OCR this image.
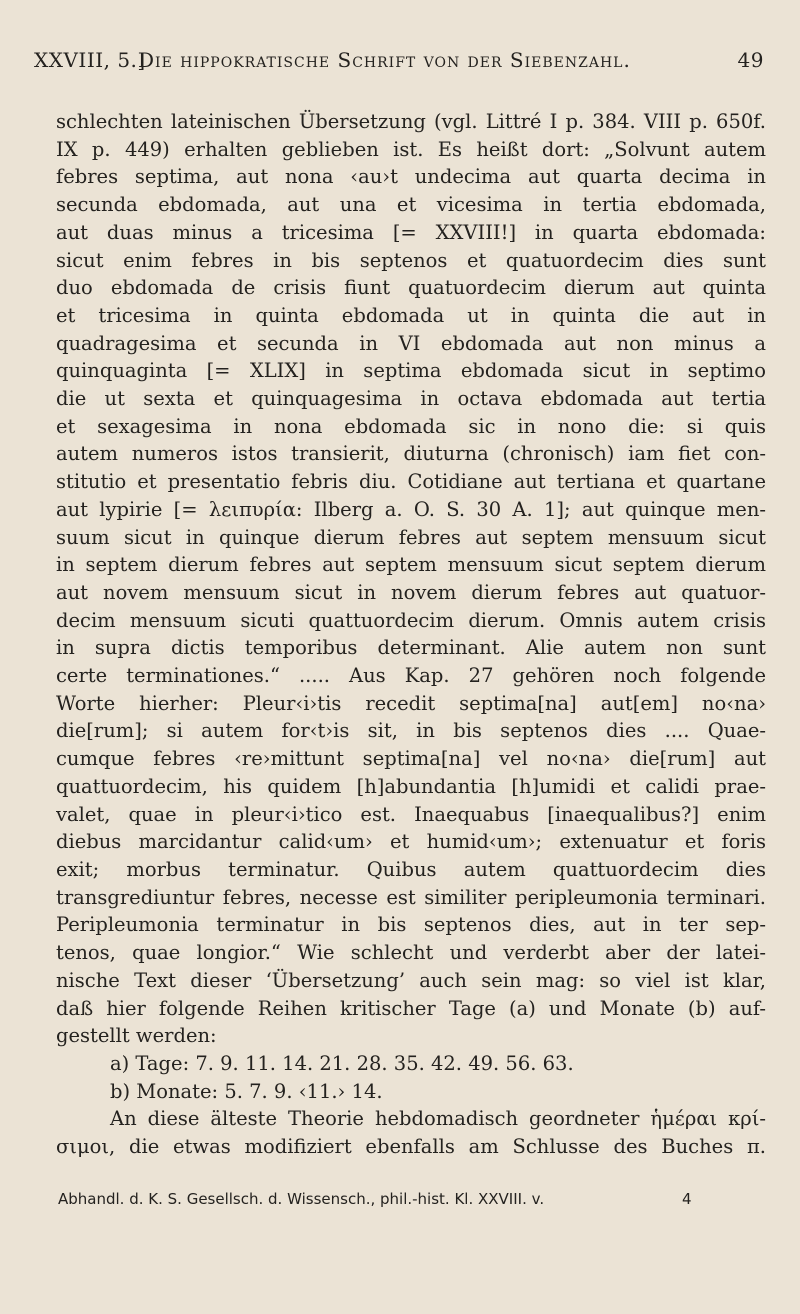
XXVIII, 5.]
Die hippokratische Schrift von der Siebenzahl.	49
schlechten lateinischen Übersetzung (vgl. Littré I p. 384. VIII p. 650f.
IX p. 449) erhalten geblieben ist. Es heißt dort: „Solvunt autem
febres septima, aut nona ‹au›t undecima aut quarta decima in
secunda ebdomada, aut una et vicesima in tertia ebdomada,
aut duas minus a tricesima [= XXVIII!] in quarta ebdomada:
sicut enim febres in bis septenos et quatuordecim dies sunt
duo ebdomada de crisis fiunt quatuordecim dierum aut quinta
et tricesima in quinta ebdomada ut in quinta die aut in
quadragesima et secunda in VI ebdomada aut non minus a
quinquaginta [= XLIX] in septima ebdomada sicut in septimo
die ut sexta et quinquagesima in octava ebdomada aut tertia
et sexagesima in nona ebdomada sic in nono die: si quis
autem numeros istos transierit, diuturna (chronisch) iam fiet con-
stitutio et presentatio febris diu. Cotidiane aut tertiana et quartane
aut lypirie [= λειπυρία: Ilberg a. O. S. 30 A. 1]; aut quinque men-
suum sicut in quinque dierum febres aut septem mensuum sicut
in septem dierum febres aut septem mensuum sicut septem dierum
aut novem mensuum sicut in novem dierum febres aut quatuor-
decim mensuum sicuti quattuordecim dierum. Omnis autem crisis
in supra dictis temporibus determinant. Alie autem non sunt
certe terminationes.“ ..... Aus Kap. 27 gehören noch folgende
Worte hierher: Pleur‹i›tis recedit septima[na] aut[em] no‹na›
die[rum]; si autem for‹t›is sit, in bis septenos dies .... Quae-
cumque febres ‹re›mittunt septima[na] vel no‹na› die[rum] aut
quattuordecim, his quidem [h]abundantia [h]umidi et calidi prae-
valet, quae in pleur‹i›tico est. Inaequabus [inaequalibus?] enim
diebus marcidantur calid‹um› et humid‹um›; extenuatur et foris
exit; morbus terminatur. Quibus autem quattuordecim dies
transgrediuntur febres, necesse est similiter peripleumonia terminari.
Peripleumonia terminatur in bis septenos dies, aut in ter sep-
tenos, quae longior.“ Wie schlecht und verderbt aber der latei-
nische Text dieser ‘Übersetzung’ auch sein mag: so viel ist klar,
daß hier folgende Reihen kritischer Tage (a) und Monate (b) auf-
gestellt werden:
a) Tage: 7. 9. 11. 14. 21. 28. 35. 42. 49. 56. 63.
b) Monate: 5. 7. 9. ‹11.› 14.
An diese älteste Theorie hebdomadisch geordneter ἡμέραι κρί-
σιμοι, die etwas modifiziert ebenfalls am Schlusse des Buches π.
Abhandl. d. K. S. Gesellsch. d. Wissensch., phil.-hist. Kl. XXVIII. v.	4
